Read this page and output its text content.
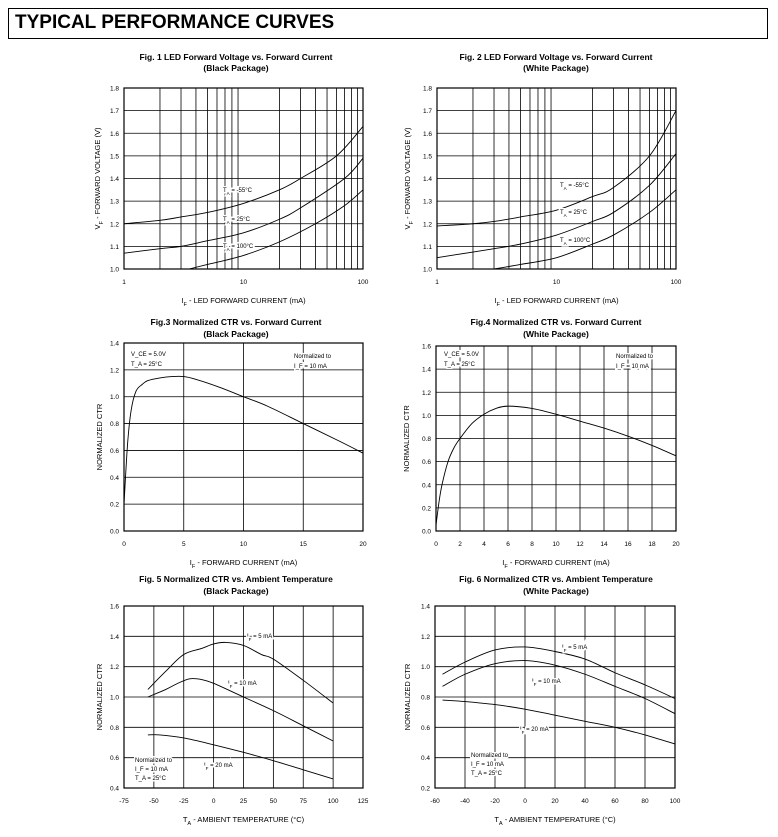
TYPICAL PERFORMANCE CURVES
Fig. 1 LED Forward Voltage vs. Forward Current
(Black Package)
1.0
1.1
1.2
1.3
1.4
1.5
1.6
1.7
1.8
1	10	100
$I_F$ - LED FORWARD CURRENT (mA)
$V_F$ - FORWARD VOLTAGE (V)	$T_A = -55^\circ C$
$T_A = 25^\circ C$
$T_A = 100^\circ C$
Fig. 2 LED Forward Voltage vs. Forward Current
(White Package)
1.0
1.1
1.2
1.3
1.4
1.5
1.6
1.7
1.8
1	10	100
$I_F$ - LED FORWARD CURRENT (mA)
$V_F$ - FORWARD VOLTAGE (V)	$T_A = -55^\circ C$
$T_A = 25^\circ C$
$T_A = 100^\circ C$
Fig.3 Normalized CTR vs. Forward Current
(Black Package)
0.0
0.2
0.4
0.6
0.8
1.0
1.2
1.4
0	5	10	15	20
$I_F$ - FORWARD CURRENT (mA)
NORMALIZED CTR
V_CE = 5.0V
T_A = 25°C
Normalized to
I_F = 10 mA
Fig.4 Normalized CTR vs. Forward Current
(White Package)
0.0
0.2
0.4
0.6
0.8
1.0
1.2
1.4
1.6
0	2	4	6	8	10	12	14	16	18	20
$I_F$ - FORWARD CURRENT (mA)
NORMALIZED CTR
V_CE = 5.0V
T_A = 25°C
Normalized to
I_F = 10 mA
Fig. 5 Normalized CTR vs. Ambient Temperature
(Black Package)
0.4
0.6
0.8
1.0
1.2
1.4
1.6
-75	-50	-25	0	25	50	75	100	125
$T_A$ - AMBIENT TEMPERATURE (°C)
NORMALIZED CTR
$I_F = 5$ mA
$I_F = 10$ mA
$I_F = 20$ mA
Normalized to
I_F = 10 mA
T_A = 25°C
Fig. 6 Normalized CTR vs. Ambient Temperature
(White Package)
0.2
0.4
0.6
0.8
1.0
1.2
1.4
-60	-40	-20	0	20	40	60	80	100
$T_A$ - AMBIENT TEMPERATURE (°C)
NORMALIZED CTR
$I_F = 5$ mA
$I_F = 10$ mA
$I_F = 20$ mA
Normalized to
I_F = 10 mA
T_A = 25°C
